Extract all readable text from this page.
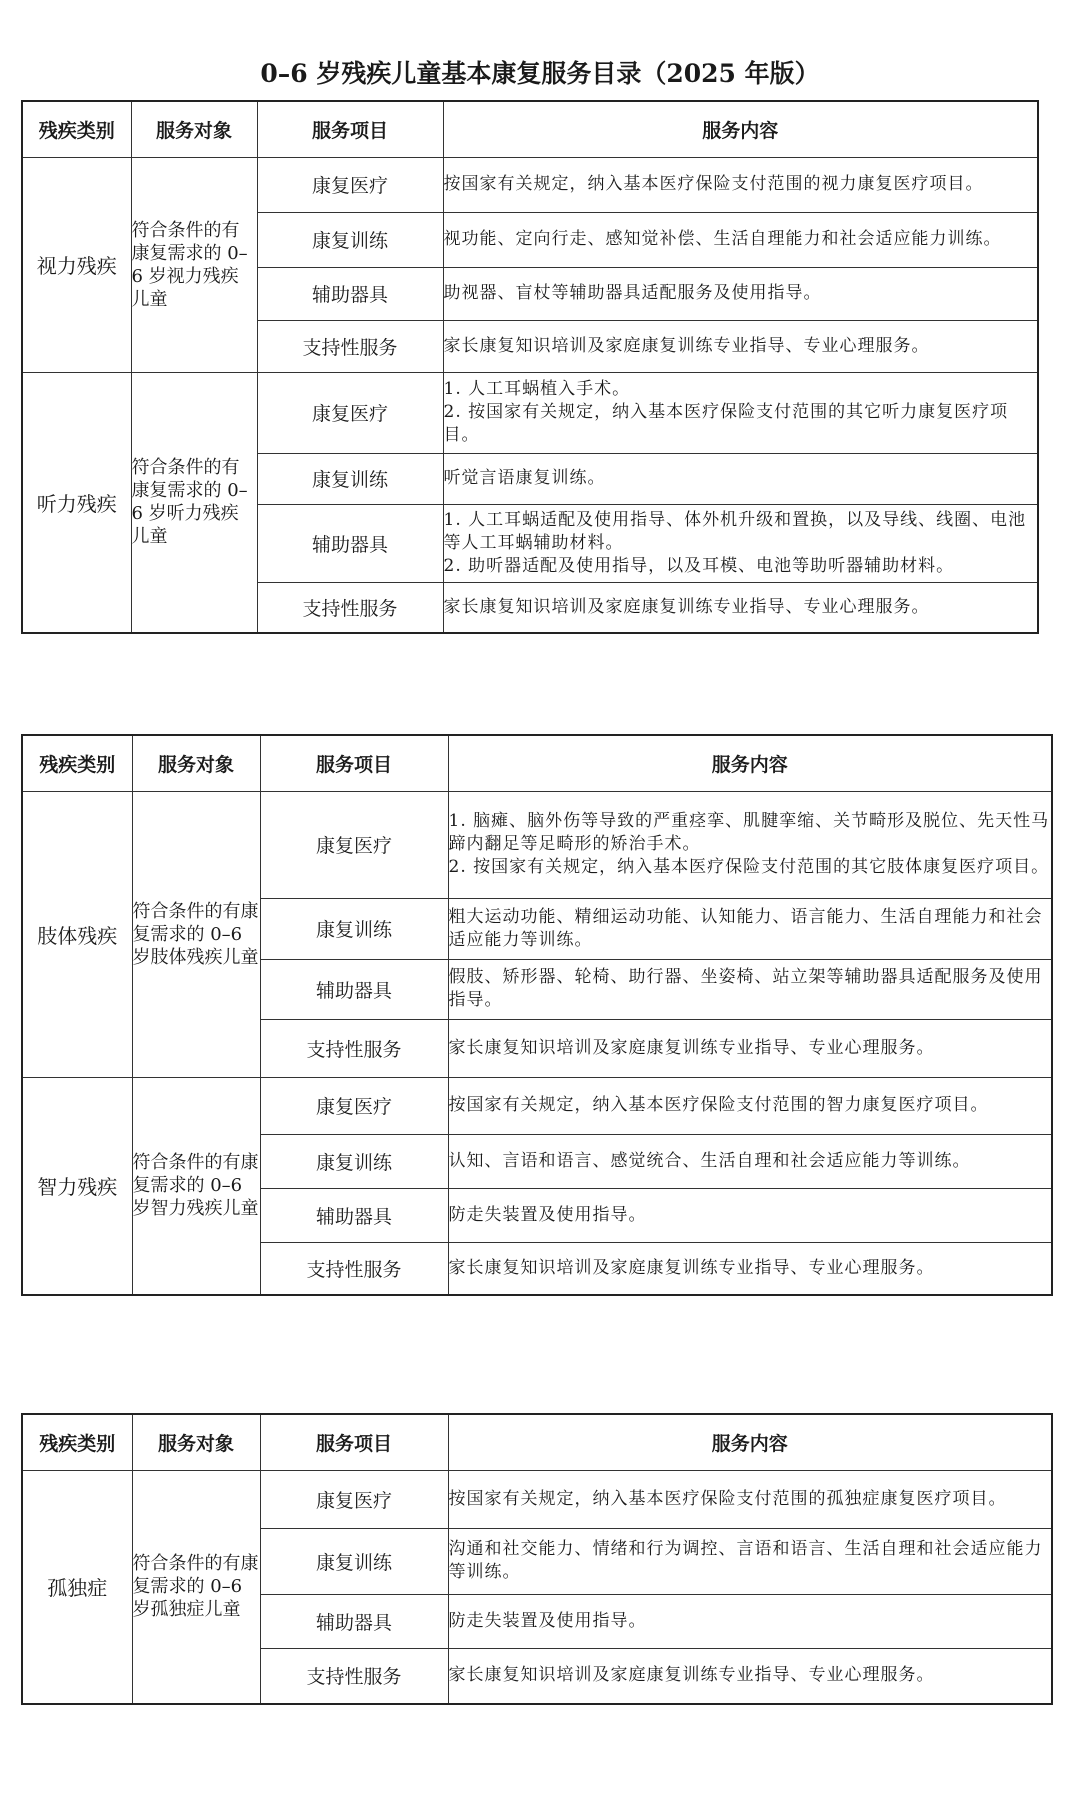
0–6 岁残疾儿童基本康复服务目录（2025 年版）
残疾类别	服务对象	服务项目	服务内容
视力残疾	符合条件的有康复需求的 0–6 岁视力残疾儿童	康复医疗	按国家有关规定，纳入基本医疗保险支付范围的视力康复医疗项目。

		康复训练	视功能、定向行走、感知觉补偿、生活自理能力和社会适应能力训练。

		辅助器具	助视器、盲杖等辅助器具适配服务及使用指导。

		支持性服务	家长康复知识培训及家庭康复训练专业指导、专业心理服务。

听力残疾	符合条件的有康复需求的 0–6 岁听力残疾儿童	康复医疗	1. 人工耳蜗植入手术。
2. 按国家有关规定，纳入基本医疗保险支付范围的其它听力康复医疗项目。

		康复训练	听觉言语康复训练。

		辅助器具	1. 人工耳蜗适配及使用指导、体外机升级和置换，以及导线、线圈、电池等人工耳蜗辅助材料。
2. 助听器适配及使用指导，以及耳模、电池等助听器辅助材料。

		支持性服务	家长康复知识培训及家庭康复训练专业指导、专业心理服务。
残疾类别	服务对象	服务项目	服务内容
肢体残疾	符合条件的有康复需求的 0–6 岁肢体残疾儿童	康复医疗	1. 脑瘫、脑外伤等导致的严重痉挛、肌腱挛缩、关节畸形及脱位、先天性马蹄内翻足等足畸形的矫治手术。
2. 按国家有关规定，纳入基本医疗保险支付范围的其它肢体康复医疗项目。

		康复训练	粗大运动功能、精细运动功能、认知能力、语言能力、生活自理能力和社会适应能力等训练。

		辅助器具	假肢、矫形器、轮椅、助行器、坐姿椅、站立架等辅助器具适配服务及使用指导。

		支持性服务	家长康复知识培训及家庭康复训练专业指导、专业心理服务。

智力残疾	符合条件的有康复需求的 0–6 岁智力残疾儿童	康复医疗	按国家有关规定，纳入基本医疗保险支付范围的智力康复医疗项目。

		康复训练	认知、言语和语言、感觉统合、生活自理和社会适应能力等训练。

		辅助器具	防走失装置及使用指导。

		支持性服务	家长康复知识培训及家庭康复训练专业指导、专业心理服务。
残疾类别	服务对象	服务项目	服务内容
孤独症	符合条件的有康复需求的 0–6 岁孤独症儿童	康复医疗	按国家有关规定，纳入基本医疗保险支付范围的孤独症康复医疗项目。

		康复训练	沟通和社交能力、情绪和行为调控、言语和语言、生活自理和社会适应能力等训练。

		辅助器具	防走失装置及使用指导。

		支持性服务	家长康复知识培训及家庭康复训练专业指导、专业心理服务。
